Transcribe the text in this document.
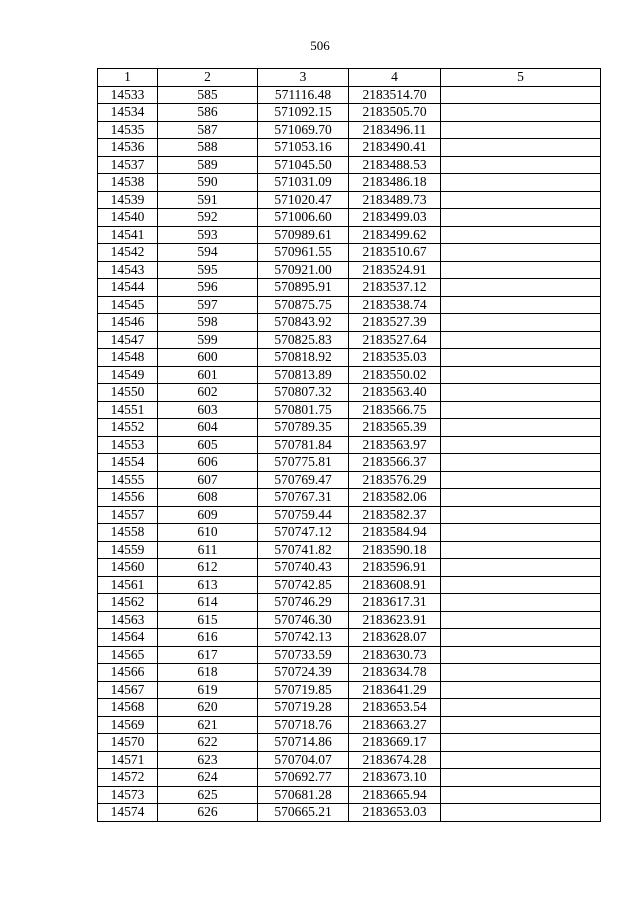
506
1	2	3	4	5
14533	585	571116.48	2183514.70	
14534	586	571092.15	2183505.70	
14535	587	571069.70	2183496.11	
14536	588	571053.16	2183490.41	
14537	589	571045.50	2183488.53	
14538	590	571031.09	2183486.18	
14539	591	571020.47	2183489.73	
14540	592	571006.60	2183499.03	
14541	593	570989.61	2183499.62	
14542	594	570961.55	2183510.67	
14543	595	570921.00	2183524.91	
14544	596	570895.91	2183537.12	
14545	597	570875.75	2183538.74	
14546	598	570843.92	2183527.39	
14547	599	570825.83	2183527.64	
14548	600	570818.92	2183535.03	
14549	601	570813.89	2183550.02	
14550	602	570807.32	2183563.40	
14551	603	570801.75	2183566.75	
14552	604	570789.35	2183565.39	
14553	605	570781.84	2183563.97	
14554	606	570775.81	2183566.37	
14555	607	570769.47	2183576.29	
14556	608	570767.31	2183582.06	
14557	609	570759.44	2183582.37	
14558	610	570747.12	2183584.94	
14559	611	570741.82	2183590.18	
14560	612	570740.43	2183596.91	
14561	613	570742.85	2183608.91	
14562	614	570746.29	2183617.31	
14563	615	570746.30	2183623.91	
14564	616	570742.13	2183628.07	
14565	617	570733.59	2183630.73	
14566	618	570724.39	2183634.78	
14567	619	570719.85	2183641.29	
14568	620	570719.28	2183653.54	
14569	621	570718.76	2183663.27	
14570	622	570714.86	2183669.17	
14571	623	570704.07	2183674.28	
14572	624	570692.77	2183673.10	
14573	625	570681.28	2183665.94	
14574	626	570665.21	2183653.03	
